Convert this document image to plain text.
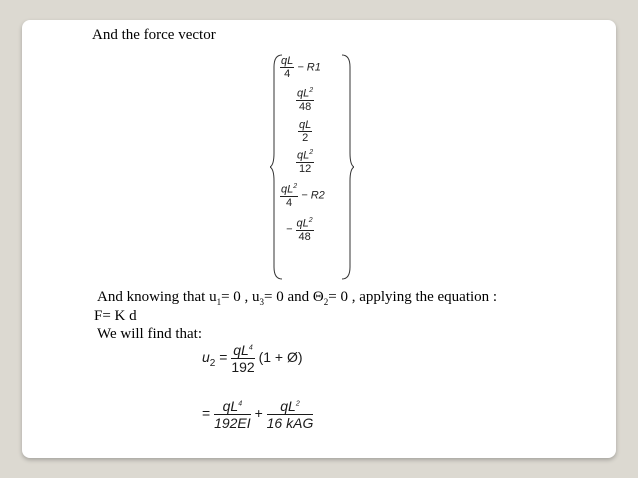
And the force vector
$\frac{qL}{4} - R1$
$\frac{qL^2}{48}$
$\frac{qL}{2}$
$\frac{qL^2}{12}$
$\frac{qL^2}{4} - R2$
− $\frac{qL^2}{48}$
And knowing that $u_1= 0$ , $u_3= 0$ and $\Theta_2= 0$ , applying the equation :
F= K d
We will find that:
$u_2 = \frac{qL^4}{192} (1$ + Ø)
= $\frac{qL^4}{192EI} + \frac{qL^2}{\text{16 kAG}}$
